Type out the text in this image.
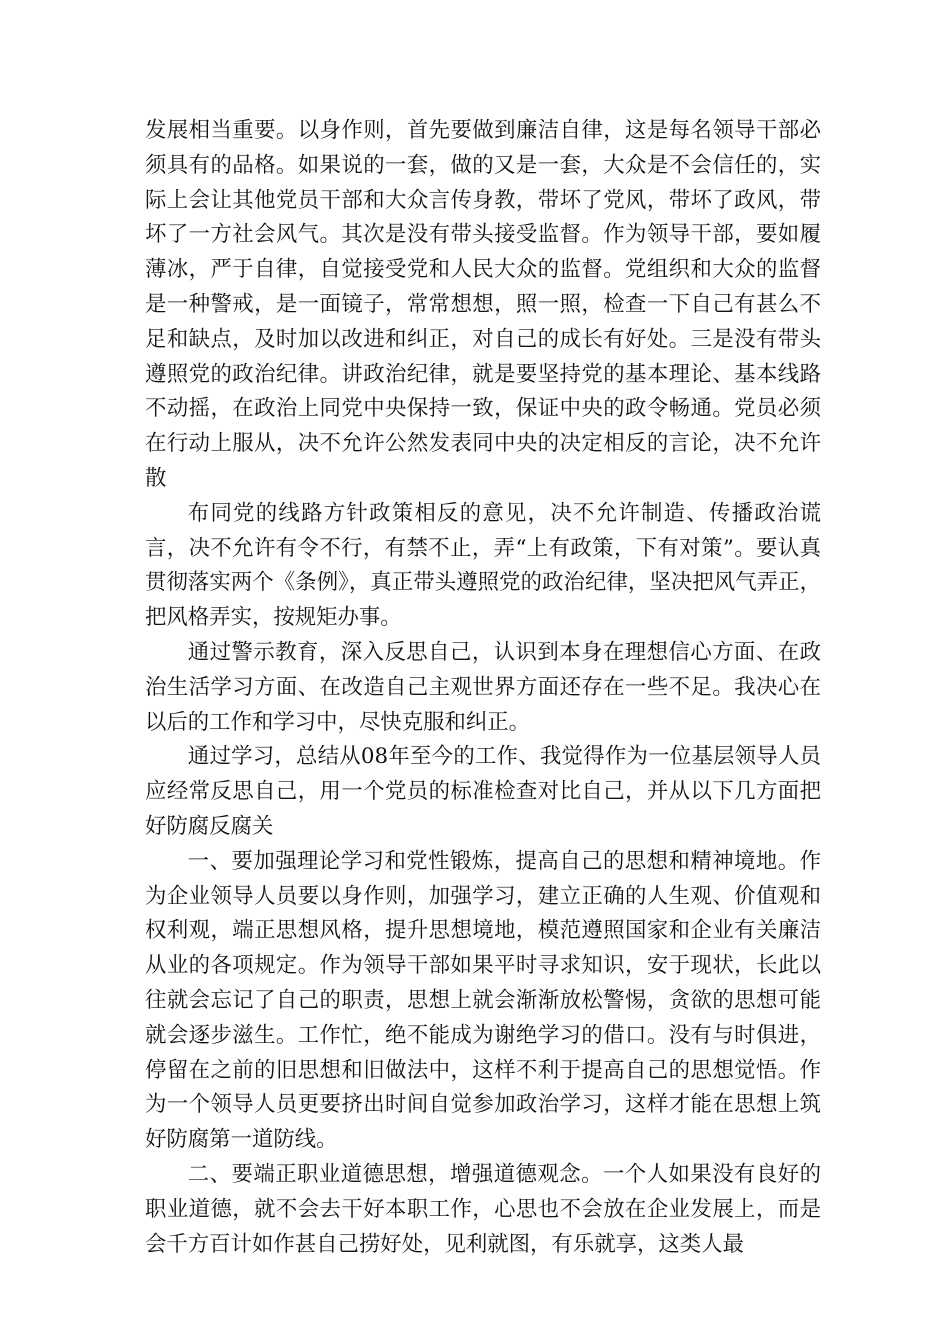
发展相当重要。以身作则，首先要做到廉洁自律，这是每名领导干部必须具有的品格。如果说的一套，做的又是一套，大众是不会信任的，实际上会让其他党员干部和大众言传身教，带坏了党风，带坏了政风，带坏了一方社会风气。其次是没有带头接受监督。作为领导干部，要如履薄冰，严于自律，自觉接受党和人民大众的监督。党组织和大众的监督是一种警戒，是一面镜子，常常想想，照一照，检查一下自己有甚么不足和缺点，及时加以改进和纠正，对自己的成长有好处。三是没有带头遵照党的政治纪律。讲政治纪律，就是要坚持党的基本理论、基本线路不动摇，在政治上同党中央保持一致，保证中央的政令畅通。党员必须在行动上服从，决不允许公然发表同中央的决定相反的言论，决不允许散

布同党的线路方针政策相反的意见，决不允许制造、传播政治谎言，决不允许有令不行，有禁不止，弄“上有政策，下有对策”。要认真贯彻落实两个《条例》，真正带头遵照党的政治纪律，坚决把风气弄正，把风格弄实，按规矩办事。

通过警示教育，深入反思自己，认识到本身在理想信心方面、在政治生活学习方面、在改造自己主观世界方面还存在一些不足。我决心在以后的工作和学习中，尽快克服和纠正。

通过学习，总结从08年至今的工作、我觉得作为一位基层领导人员应经常反思自己，用一个党员的标准检查对比自己，并从以下几方面把好防腐反腐关

一、要加强理论学习和党性锻炼，提高自己的思想和精神境地。作为企业领导人员要以身作则，加强学习，建立正确的人生观、价值观和权利观，端正思想风格，提升思想境地，模范遵照国家和企业有关廉洁从业的各项规定。作为领导干部如果平时寻求知识，安于现状，长此以往就会忘记了自己的职责，思想上就会渐渐放松警惕，贪欲的思想可能就会逐步滋生。工作忙，绝不能成为谢绝学习的借口。没有与时俱进，停留在之前的旧思想和旧做法中，这样不利于提高自己的思想觉悟。作为一个领导人员更要挤出时间自觉参加政治学习，这样才能在思想上筑好防腐第一道防线。

二、要端正职业道德思想，增强道德观念。一个人如果没有良好的职业道德，就不会去干好本职工作，心思也不会放在企业发展上，而是会千方百计如作甚自己捞好处，见利就图，有乐就享，这类人最
